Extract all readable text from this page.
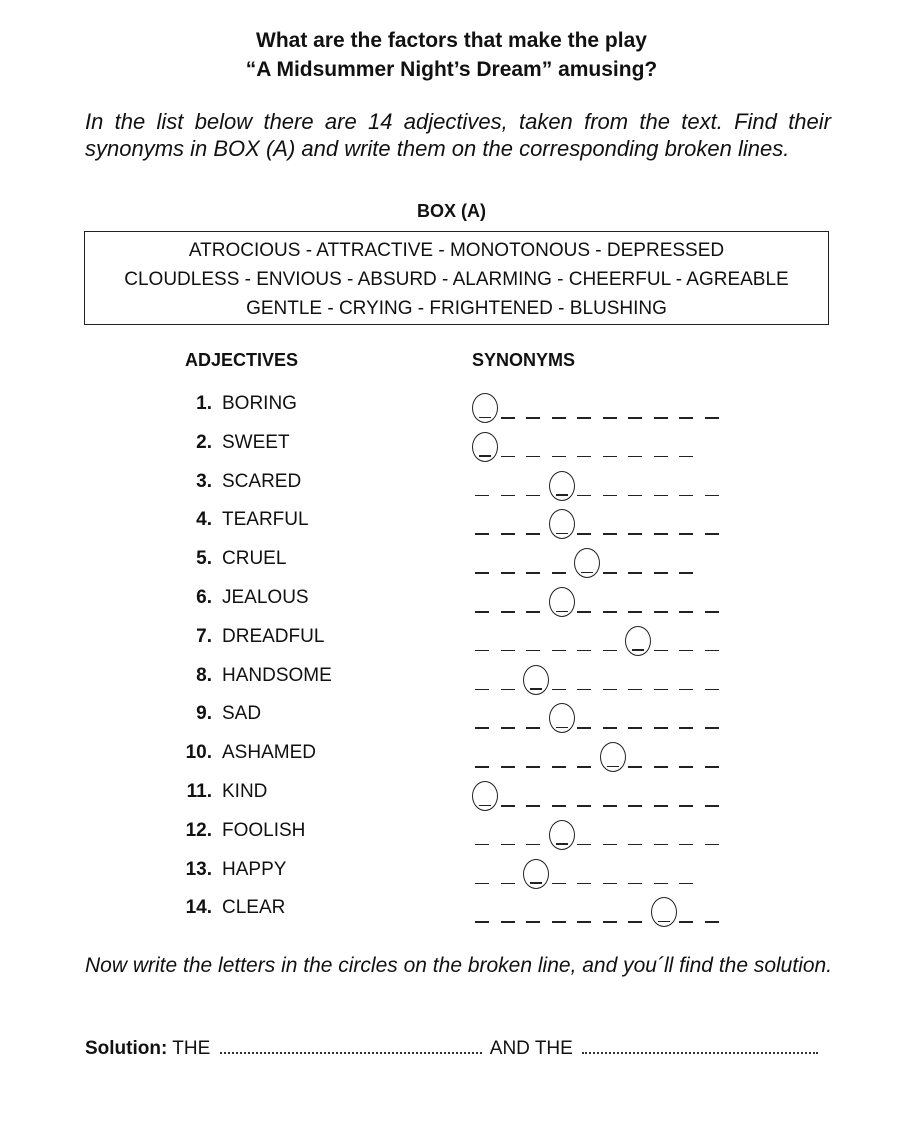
What are the factors that make the play
“A Midsummer Night’s Dream” amusing?
In the list below there are 14 adjectives, taken from the text. Find their synonyms in BOX (A) and write them on the corresponding broken lines.
BOX (A)
ATROCIOUS - ATTRACTIVE - MONOTONOUS - DEPRESSED
CLOUDLESS - ENVIOUS - ABSURD - ALARMING - CHEERFUL - AGREABLE
GENTLE - CRYING - FRIGHTENED - BLUSHING
ADJECTIVES	SYNONYMS
1. BORING
2. SWEET
3. SCARED
4. TEARFUL
5. CRUEL
6. JEALOUS
7. DREADFUL
8. HANDSOME
9. SAD
10. ASHAMED
11. KIND
12. FOOLISH
13. HAPPY
14. CLEAR
Now write the letters in the circles on the broken line, and you´ll find the solution.
Solution: THE	AND THE
